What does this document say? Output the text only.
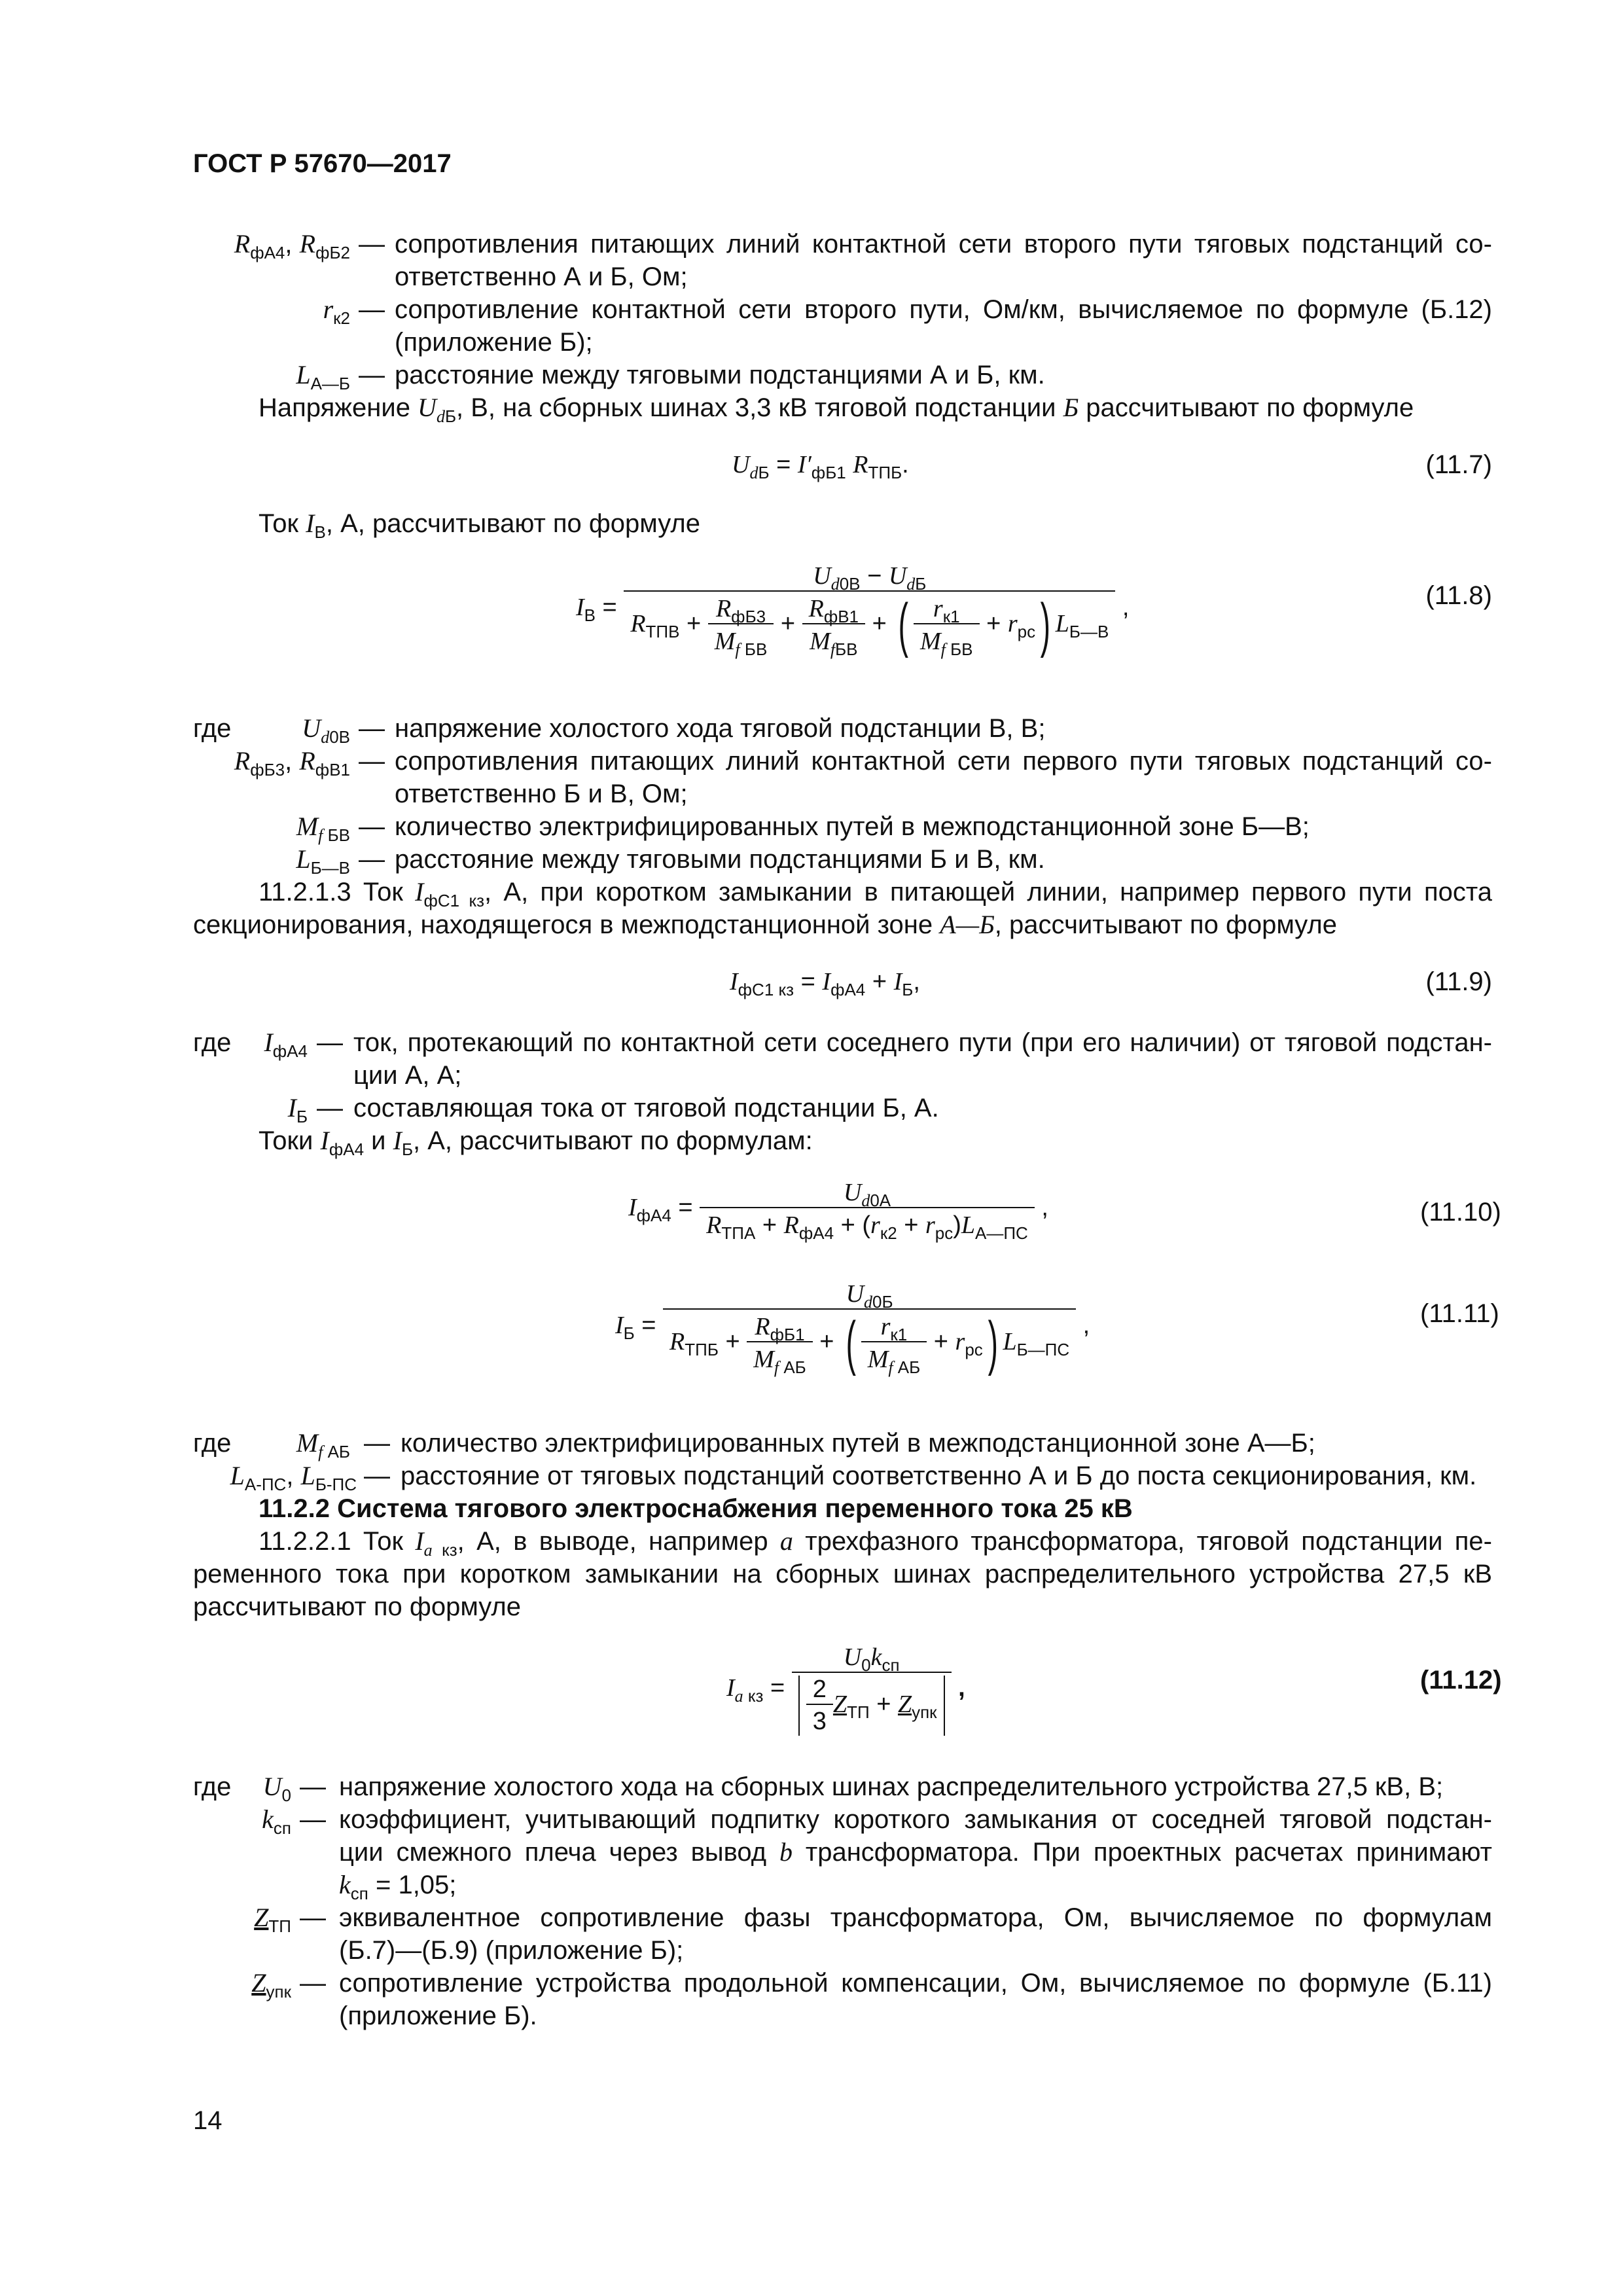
ГОСТ Р 57670—2017
$R_{фА4}$, $R_{фБ2}$ — сопротивления питающих линий контактной сети второго пути тяговых подстанций со-
ответственно А и Б, Ом;
$r_{к2}$ — сопротивление контактной сети второго пути, Ом/км, вычисляемое по формуле (Б.12)
(приложение Б);
$L_{А—Б}$ — расстояние между тяговыми подстанциями А и Б, км.
Напряжение $U_{dБ}$, В, на сборных шинах 3,3 кВ тяговой подстанции Б рассчитывают по формуле
$U_{dБ} = I'_{фБ1}$ $R_{ТПБ}$.	(11.7)
Ток $I_В$, А, рассчитывают по формуле
$I_В$ =
$U_{d0В} - U_{dБ}$
$R_{ТПВ} + \frac{R_{фБ3}}{M_{f БВ}} + \frac{R_{фВ1}}{M_{fБВ}}$ + ( $\frac{r_{к1}}{M_{f БВ}} + r_{рс}$) $L_{Б—В}$
,	(11.8)
где	$U_{d0В}$ — напряжение холостого хода тяговой подстанции В, В;
$R_{фБ3}$, $R_{фВ1}$ — сопротивления питающих линий контактной сети первого пути тяговых подстанций со-
ответственно Б и В, Ом;
$M_{f БВ}$ — количество электрифицированных путей в межподстанционной зоне Б—В;
$L_{Б—В}$ — расстояние между тяговыми подстанциями Б и В, км.
11.2.1.3 Ток $I_{фС1 кз}$, А, при коротком замыкании в питающей линии, например первого пути поста
секционирования, находящегося в межподстанционной зоне А—Б, рассчитывают по формуле
$I_{фС1 кз} = I_{фА4} + I_Б$,	(11.9)
где	$I_{фА4}$ — ток, протекающий по контактной сети соседнего пути (при его наличии) от тяговой подстан-
ции А, А;
$I_Б$ — составляющая тока от тяговой подстанции Б, А.
Токи $I_{фА4}$ и $I_Б$, А, рассчитывают по формулам:
$I_{фА4} = \frac{U_{d0А}}{R_{ТПА} + R_{фА4} + (r_{к2} + r_{рс})L_{А—ПС}}$ ,	(11.10)
$I_Б = \frac{U_{d0Б}}{R_{ТПБ} + \frac{R_{фБ1}}{M_{f АБ}} + ( \frac{r_{к1}}{M_{f АБ}} + r_{рс}) L_{Б—ПС}}$ ,	(11.11)
где	$M_{f АБ}$ — количество электрифицированных путей в межподстанционной зоне А—Б;
$L_{А-ПС}$, $L_{Б-ПС}$ — расстояние от тяговых подстанций соответственно А и Б до поста секционирования, км.
11.2.2 Система тягового электроснабжения переменного тока 25 кВ
11.2.2.1 Ток $I_{a кз}$, А, в выводе, например a трехфазного трансформатора, тяговой подстанции пе-
ременного тока при коротком замыкании на сборных шинах распределительного устройства 27,5 кВ
рассчитывают по формуле
$I_{a кз} = \frac{U_0k_{сп}}{\frac{2}{3} Z_{ТП} + Z_{упк}}$ ,	(11.12)
где	$U_0$ — напряжение холостого хода на сборных шинах распределительного устройства 27,5 кВ, В;
$k_{сп}$ — коэффициент, учитывающий подпитку короткого замыкания от соседней тяговой подстан-
ции смежного плеча через вывод b трансформатора. При проектных расчетах принимают
$k_{сп} = 1,05$;
$Z_{ТП}$ — эквивалентное сопротивление фазы трансформатора, Ом, вычисляемое по формулам
(Б.7)—(Б.9) (приложение Б);
$Z_{упк}$ — сопротивление устройства продольной компенсации, Ом, вычисляемое по формуле (Б.11)
(приложение Б).
14
